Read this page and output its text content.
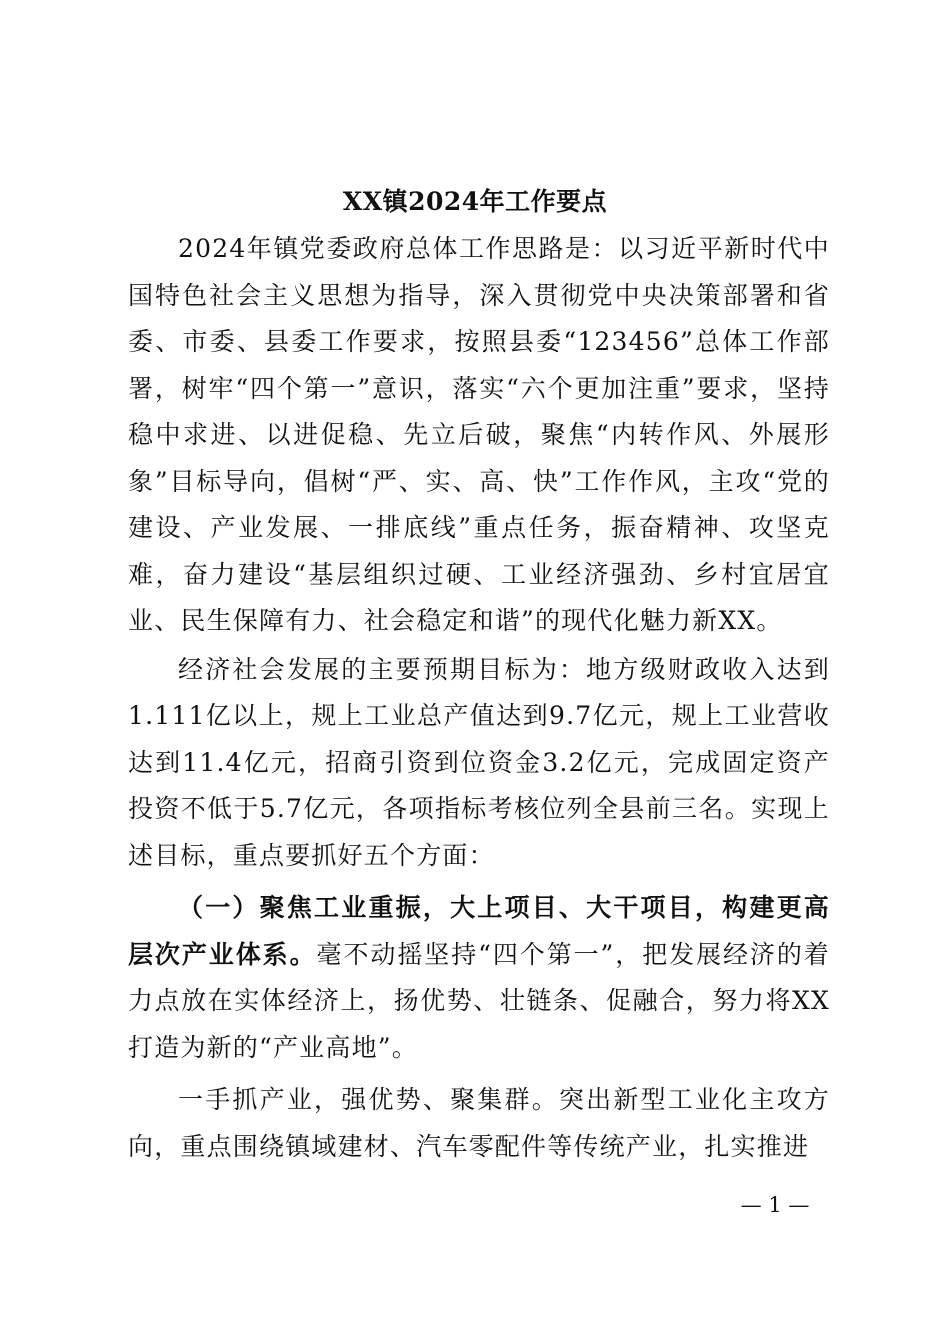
XX镇2024年工作要点

2024年镇党委政府总体工作思路是：以习近平新时代中国特色社会主义思想为指导，深入贯彻党中央决策部署和省委、市委、县委工作要求，按照县委“123456”总体工作部署，树牢“四个第一”意识，落实“六个更加注重”要求，坚持稳中求进、以进促稳、先立后破，聚焦“内转作风、外展形象”目标导向，倡树“严、实、高、快”工作作风，主攻“党的建设、产业发展、一排底线”重点任务，振奋精神、攻坚克难，奋力建设“基层组织过硬、工业经济强劲、乡村宜居宜业、民生保障有力、社会稳定和谐”的现代化魅力新XX。

经济社会发展的主要预期目标为：地方级财政收入达到1.111亿以上，规上工业总产值达到9.7亿元，规上工业营收达到11.4亿元，招商引资到位资金3.2亿元，完成固定资产投资不低于5.7亿元，各项指标考核位列全县前三名。实现上述目标，重点要抓好五个方面：

（一）聚焦工业重振，大上项目、大干项目，构建更高层次产业体系。毫不动摇坚持“四个第一”，把发展经济的着力点放在实体经济上，扬优势、壮链条、促融合，努力将XX打造为新的“产业高地”。

一手抓产业，强优势、聚集群。突出新型工业化主攻方向，重点围绕镇域建材、汽车零配件等传统产业，扎实推进

— 1 —
